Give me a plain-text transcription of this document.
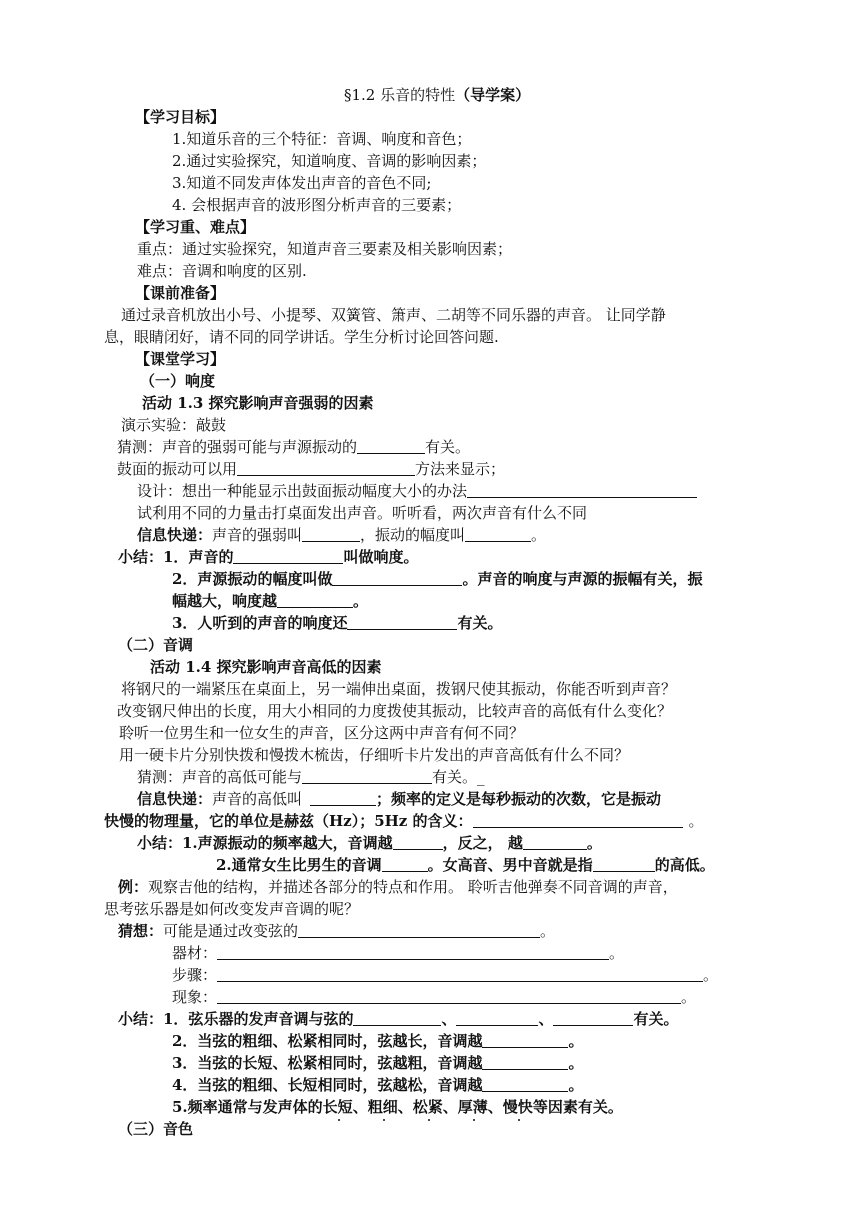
§1.2 乐音的特性（导学案）
【学习目标】
1.知道乐音的三个特征：音调、响度和音色；
2.通过实验探究，知道响度、音调的影响因素；
3.知道不同发声体发出声音的音色不同;
4. 会根据声音的波形图分析声音的三要素；
【学习重、难点】
重点：通过实验探究，知道声音三要素及相关影响因素；
难点：音调和响度的区别.
【课前准备】
通过录音机放出小号、小提琴、双簧管、箫声、二胡等不同乐器的声音。 让同学静
息，眼睛闭好，请不同的同学讲话。学生分析讨论回答问题.
【课堂学习】
（一）响度
活动 1.3 探究影响声音强弱的因素
演示实验：敲鼓
猜测：声音的强弱可能与声源振动的	有关。
鼓面的振动可以用	方法来显示；
设计：想出一种能显示出鼓面振动幅度大小的办法
试利用不同的力量击打桌面发出声音。听听看，两次声音有什么不同
信息快递：声音的强弱叫	，振动的幅度叫	。
小结：1．声音的	叫做响度。
2．声源振动的幅度叫做	。声音的响度与声源的振幅有关，振
幅越大，响度越	。
3．人听到的声音的响度还	有关。
（二）音调
活动 1.4 探究影响声音高低的因素
将钢尺的一端紧压在桌面上，另一端伸出桌面，拨钢尺使其振动，你能否听到声音？
改变钢尺伸出的长度，用大小相同的力度拨使其振动，比较声音的高低有什么变化？
聆听一位男生和一位女生的声音，区分这两中声音有何不同？
用一硬卡片分别快拨和慢拨木梳齿，仔细听卡片发出的声音高低有什么不同？
猜测：声音的高低可能与	有关。_
信息快递：声音的高低叫	；频率的定义是每秒振动的次数，它是振动
快慢的物理量，它的单位是赫兹（Hz）；5Hz 的含义：	。
小结：1.声源振动的频率越大，音调越	，反之， 越	。
2.通常女生比男生的音调	。女高音、男中音就是指	的高低。
例：观察吉他的结构，并描述各部分的特点和作用。 聆听吉他弹奏不同音调的声音，
思考弦乐器是如何改变发声音调的呢？
猜想：可能是通过改变弦的	。
器材：	。
步骤：	。
现象：	。
小结：1．弦乐器的发声音调与弦的	、	、	有关。
2．当弦的粗细、松紧相同时，弦越长，音调越	。
3．当弦的长短、松紧相同时，弦越粗，音调越	。
4．当弦的粗细、长短相同时，弦越松，音调越	。
5.频率通常与发声体的长短、粗细、松紧、厚薄、慢快等因素有关。
（三）音色
